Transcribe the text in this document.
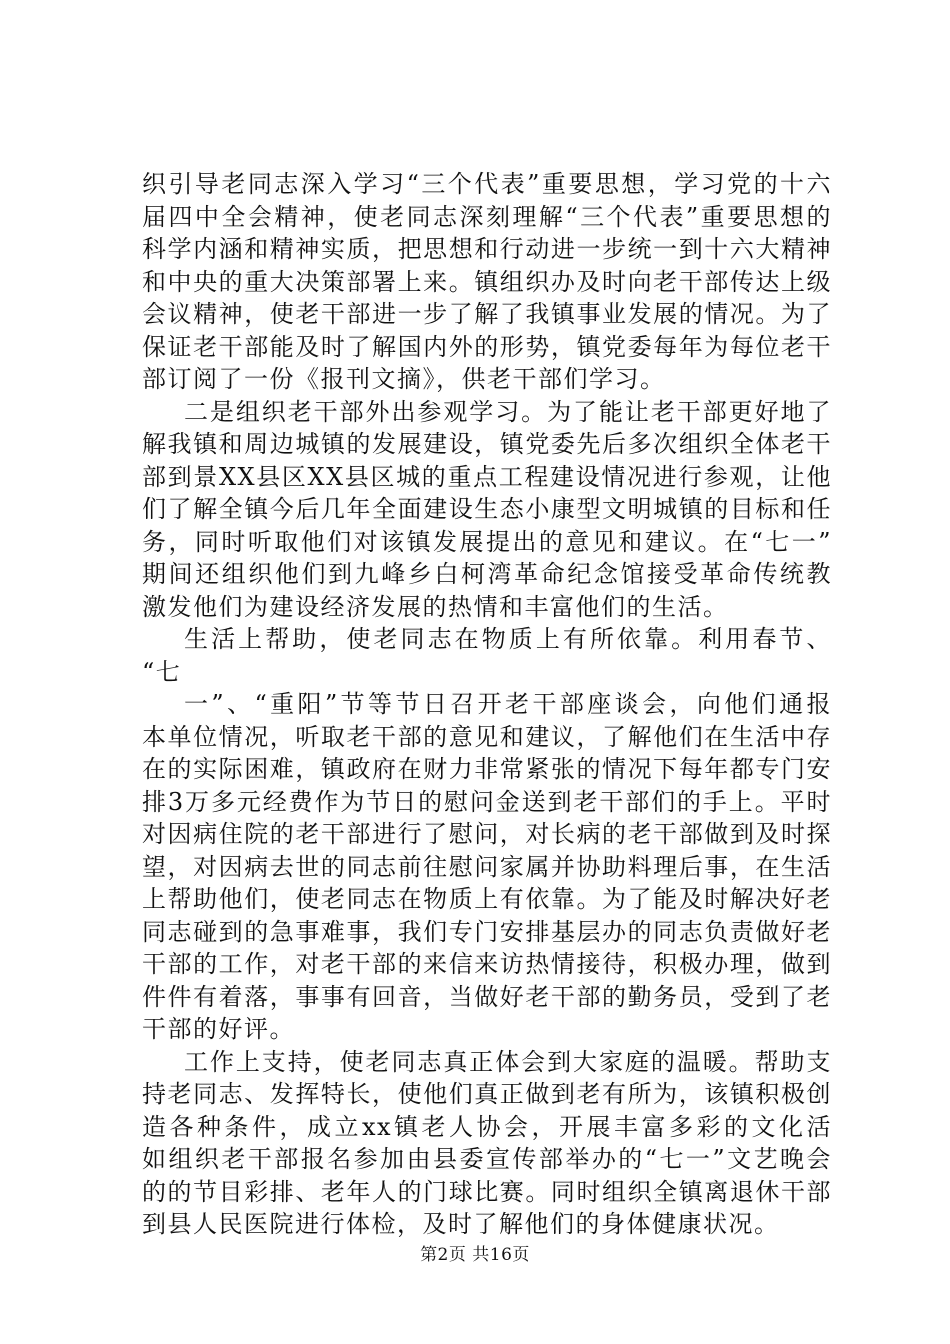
织引导老同志深入学习“三个代表”重要思想，学习党的十六
届四中全会精神，使老同志深刻理解“三个代表”重要思想的
科学内涵和精神实质，把思想和行动进一步统一到十六大精神
和中央的重大决策部署上来。镇组织办及时向老干部传达上级
会议精神，使老干部进一步了解了我镇事业发展的情况。为了
保证老干部能及时了解国内外的形势，镇党委每年为每位老干
部订阅了一份《报刊文摘》，供老干部们学习。
二是组织老干部外出参观学习。为了能让老干部更好地了
解我镇和周边城镇的发展建设，镇党委先后多次组织全体老干
部到景XX县区XX县区城的重点工程建设情况进行参观，让他
们了解全镇今后几年全面建设生态小康型文明城镇的目标和任
务，同时听取他们对该镇发展提出的意见和建议。在“七一”
期间还组织他们到九峰乡白柯湾革命纪念馆接受革命传统教
激发他们为建设经济发展的热情和丰富他们的生活。
生活上帮助，使老同志在物质上有所依靠。利用春节、
“七
一”、“重阳”节等节日召开老干部座谈会，向他们通报
本单位情况，听取老干部的意见和建议，了解他们在生活中存
在的实际困难，镇政府在财力非常紧张的情况下每年都专门安
排3万多元经费作为节日的慰问金送到老干部们的手上。平时
对因病住院的老干部进行了慰问，对长病的老干部做到及时探
望，对因病去世的同志前往慰问家属并协助料理后事，在生活
上帮助他们，使老同志在物质上有依靠。为了能及时解决好老
同志碰到的急事难事，我们专门安排基层办的同志负责做好老
干部的工作，对老干部的来信来访热情接待，积极办理，做到
件件有着落，事事有回音，当做好老干部的勤务员，受到了老
干部的好评。
工作上支持，使老同志真正体会到大家庭的温暖。帮助支
持老同志、发挥特长，使他们真正做到老有所为，该镇积极创
造各种条件，成立xx镇老人协会，开展丰富多彩的文化活
如组织老干部报名参加由县委宣传部举办的“七一”文艺晚会
的的节目彩排、老年人的门球比赛。同时组织全镇离退休干部
到县人民医院进行体检，及时了解他们的身体健康状况。
第2页 共16页
